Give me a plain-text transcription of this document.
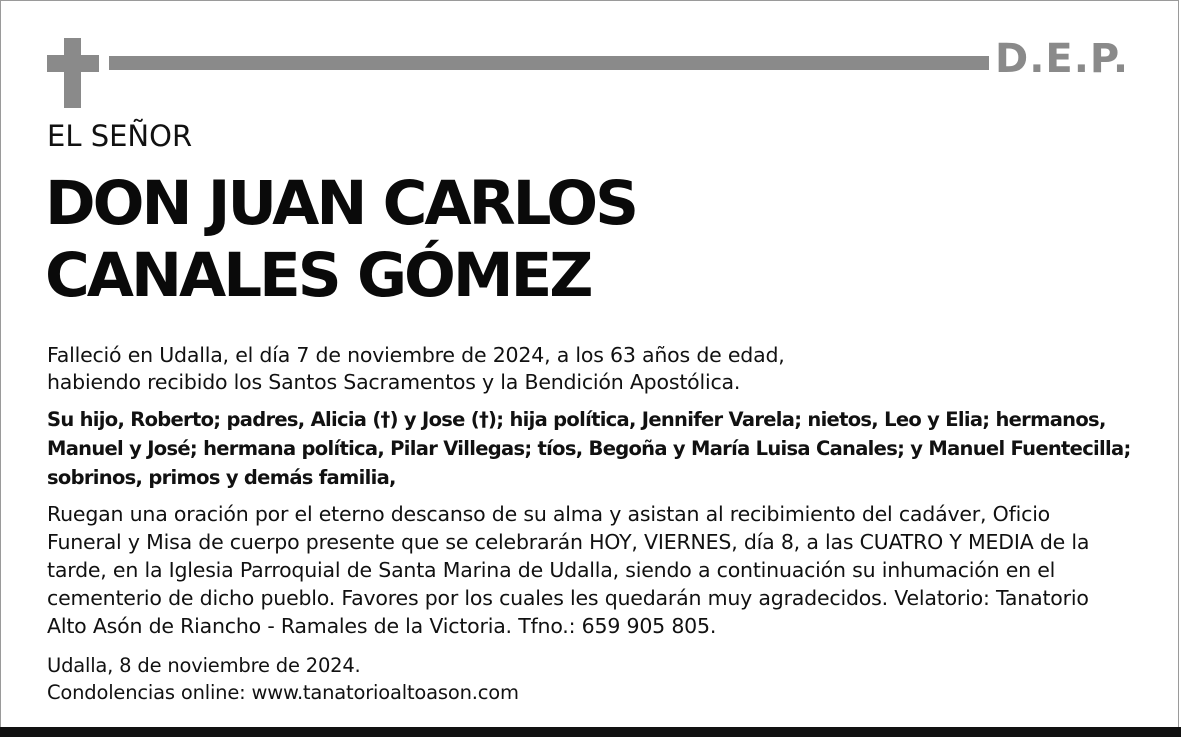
D.E.P.
EL SEÑOR
DON JUAN CARLOS
CANALES GÓMEZ
Falleció en Udalla, el día 7 de noviembre de 2024, a los 63 años de edad,
habiendo recibido los Santos Sacramentos y la Bendición Apostólica.
Su hijo, Roberto; padres, Alicia (†) y Jose (†); hija política, Jennifer Varela; nietos, Leo y Elia; hermanos,
Manuel y José; hermana política, Pilar Villegas; tíos, Begoña y María Luisa Canales; y Manuel Fuentecilla;
sobrinos, primos y demás familia,
Ruegan una oración por el eterno descanso de su alma y asistan al recibimiento del cadáver, Oficio
Funeral y Misa de cuerpo presente que se celebrarán HOY, VIERNES, día 8, a las CUATRO Y MEDIA de la
tarde, en la Iglesia Parroquial de Santa Marina de Udalla, siendo a continuación su inhumación en el
cementerio de dicho pueblo. Favores por los cuales les quedarán muy agradecidos. Velatorio: Tanatorio
Alto Asón de Riancho - Ramales de la Victoria. Tfno.: 659 905 805.
Udalla, 8 de noviembre de 2024.
Condolencias online: www.tanatorioaltoason.com
